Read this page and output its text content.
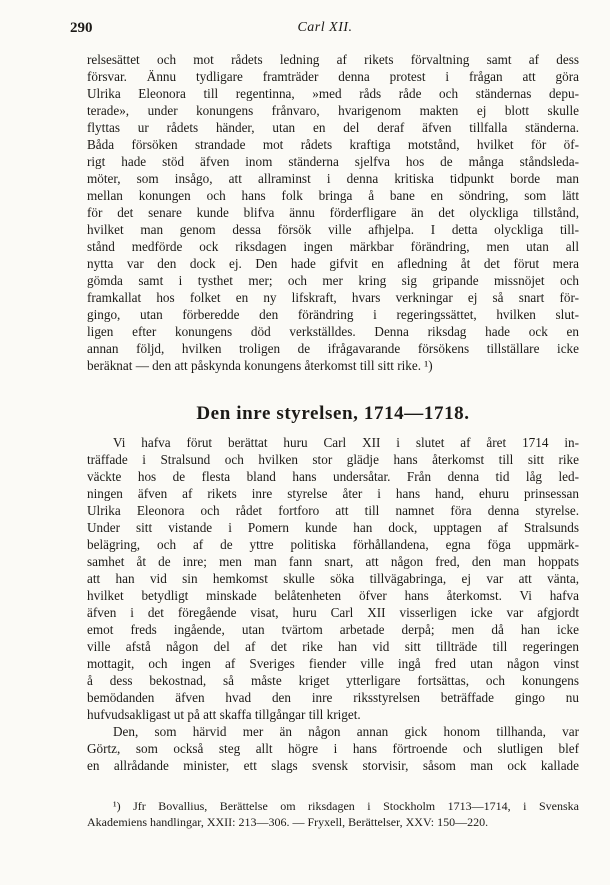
290	Carl XII.
relsesättet och mot rådets ledning af rikets förvaltning samt af dess
försvar. Ännu tydligare framträder denna protest i frågan att göra
Ulrika Eleonora till regentinna, »med råds råde och ständernas depu-
terade», under konungens frånvaro, hvarigenom makten ej blott skulle
flyttas ur rådets händer, utan en del deraf äfven tillfalla ständerna.
Båda försöken strandade mot rådets kraftiga motstånd, hvilket för öf-
rigt hade stöd äfven inom ständerna sjelfva hos de många ståndsleda-
möter, som insågo, att allraminst i denna kritiska tidpunkt borde man
mellan konungen och hans folk bringa å bane en söndring, som lätt
för det senare kunde blifva ännu förderfligare än det olyckliga tillstånd,
hvilket man genom dessa försök ville afhjelpa. I detta olyckliga till-
stånd medförde ock riksdagen ingen märkbar förändring, men utan all
nytta var den dock ej. Den hade gifvit en afledning åt det förut mera
gömda samt i tysthet mer; och mer kring sig gripande missnöjet och
framkallat hos folket en ny lifskraft, hvars verkningar ej så snart för-
gingo, utan förberedde den förändring i regeringssättet, hvilken slut-
ligen efter konungens död verkställdes. Denna riksdag hade ock en
annan följd, hvilken troligen de ifrågavarande försökens tillställare icke
beräknat — den att påskynda konungens återkomst till sitt rike. ¹)
Den inre styrelsen, 1714—1718.
Vi hafva förut berättat huru Carl XII i slutet af året 1714 in-
träffade i Stralsund och hvilken stor glädje hans återkomst till sitt rike
väckte hos de flesta bland hans undersåtar. Från denna tid låg led-
ningen äfven af rikets inre styrelse åter i hans hand, ehuru prinsessan
Ulrika Eleonora och rådet fortforo att till namnet föra denna styrelse.
Under sitt vistande i Pomern kunde han dock, upptagen af Stralsunds
belägring, och af de yttre politiska förhållandena, egna föga uppmärk-
samhet åt de inre; men man fann snart, att någon fred, den man hoppats
att han vid sin hemkomst skulle söka tillvägabringa, ej var att vänta,
hvilket betydligt minskade belåtenheten öfver hans återkomst. Vi hafva
äfven i det föregående visat, huru Carl XII visserligen icke var afgjordt
emot freds ingående, utan tvärtom arbetade derpå; men då han icke
ville afstå någon del af det rike han vid sitt tillträde till regeringen
mottagit, och ingen af Sveriges fiender ville ingå fred utan någon vinst
å dess bekostnad, så måste kriget ytterligare fortsättas, och konungens
bemödanden äfven hvad den inre riksstyrelsen beträffade gingo nu
hufvudsakligast ut på att skaffa tillgångar till kriget.
Den, som härvid mer än någon annan gick honom tillhanda, var
Görtz, som också steg allt högre i hans förtroende och slutligen blef
en allrådande minister, ett slags svensk storvisir, såsom man ock kallade
¹) Jfr Bovallius, Berättelse om riksdagen i Stockholm 1713—1714, i Svenska
Akademiens handlingar, XXII: 213—306. — Fryxell, Berättelser, XXV: 150—220.
